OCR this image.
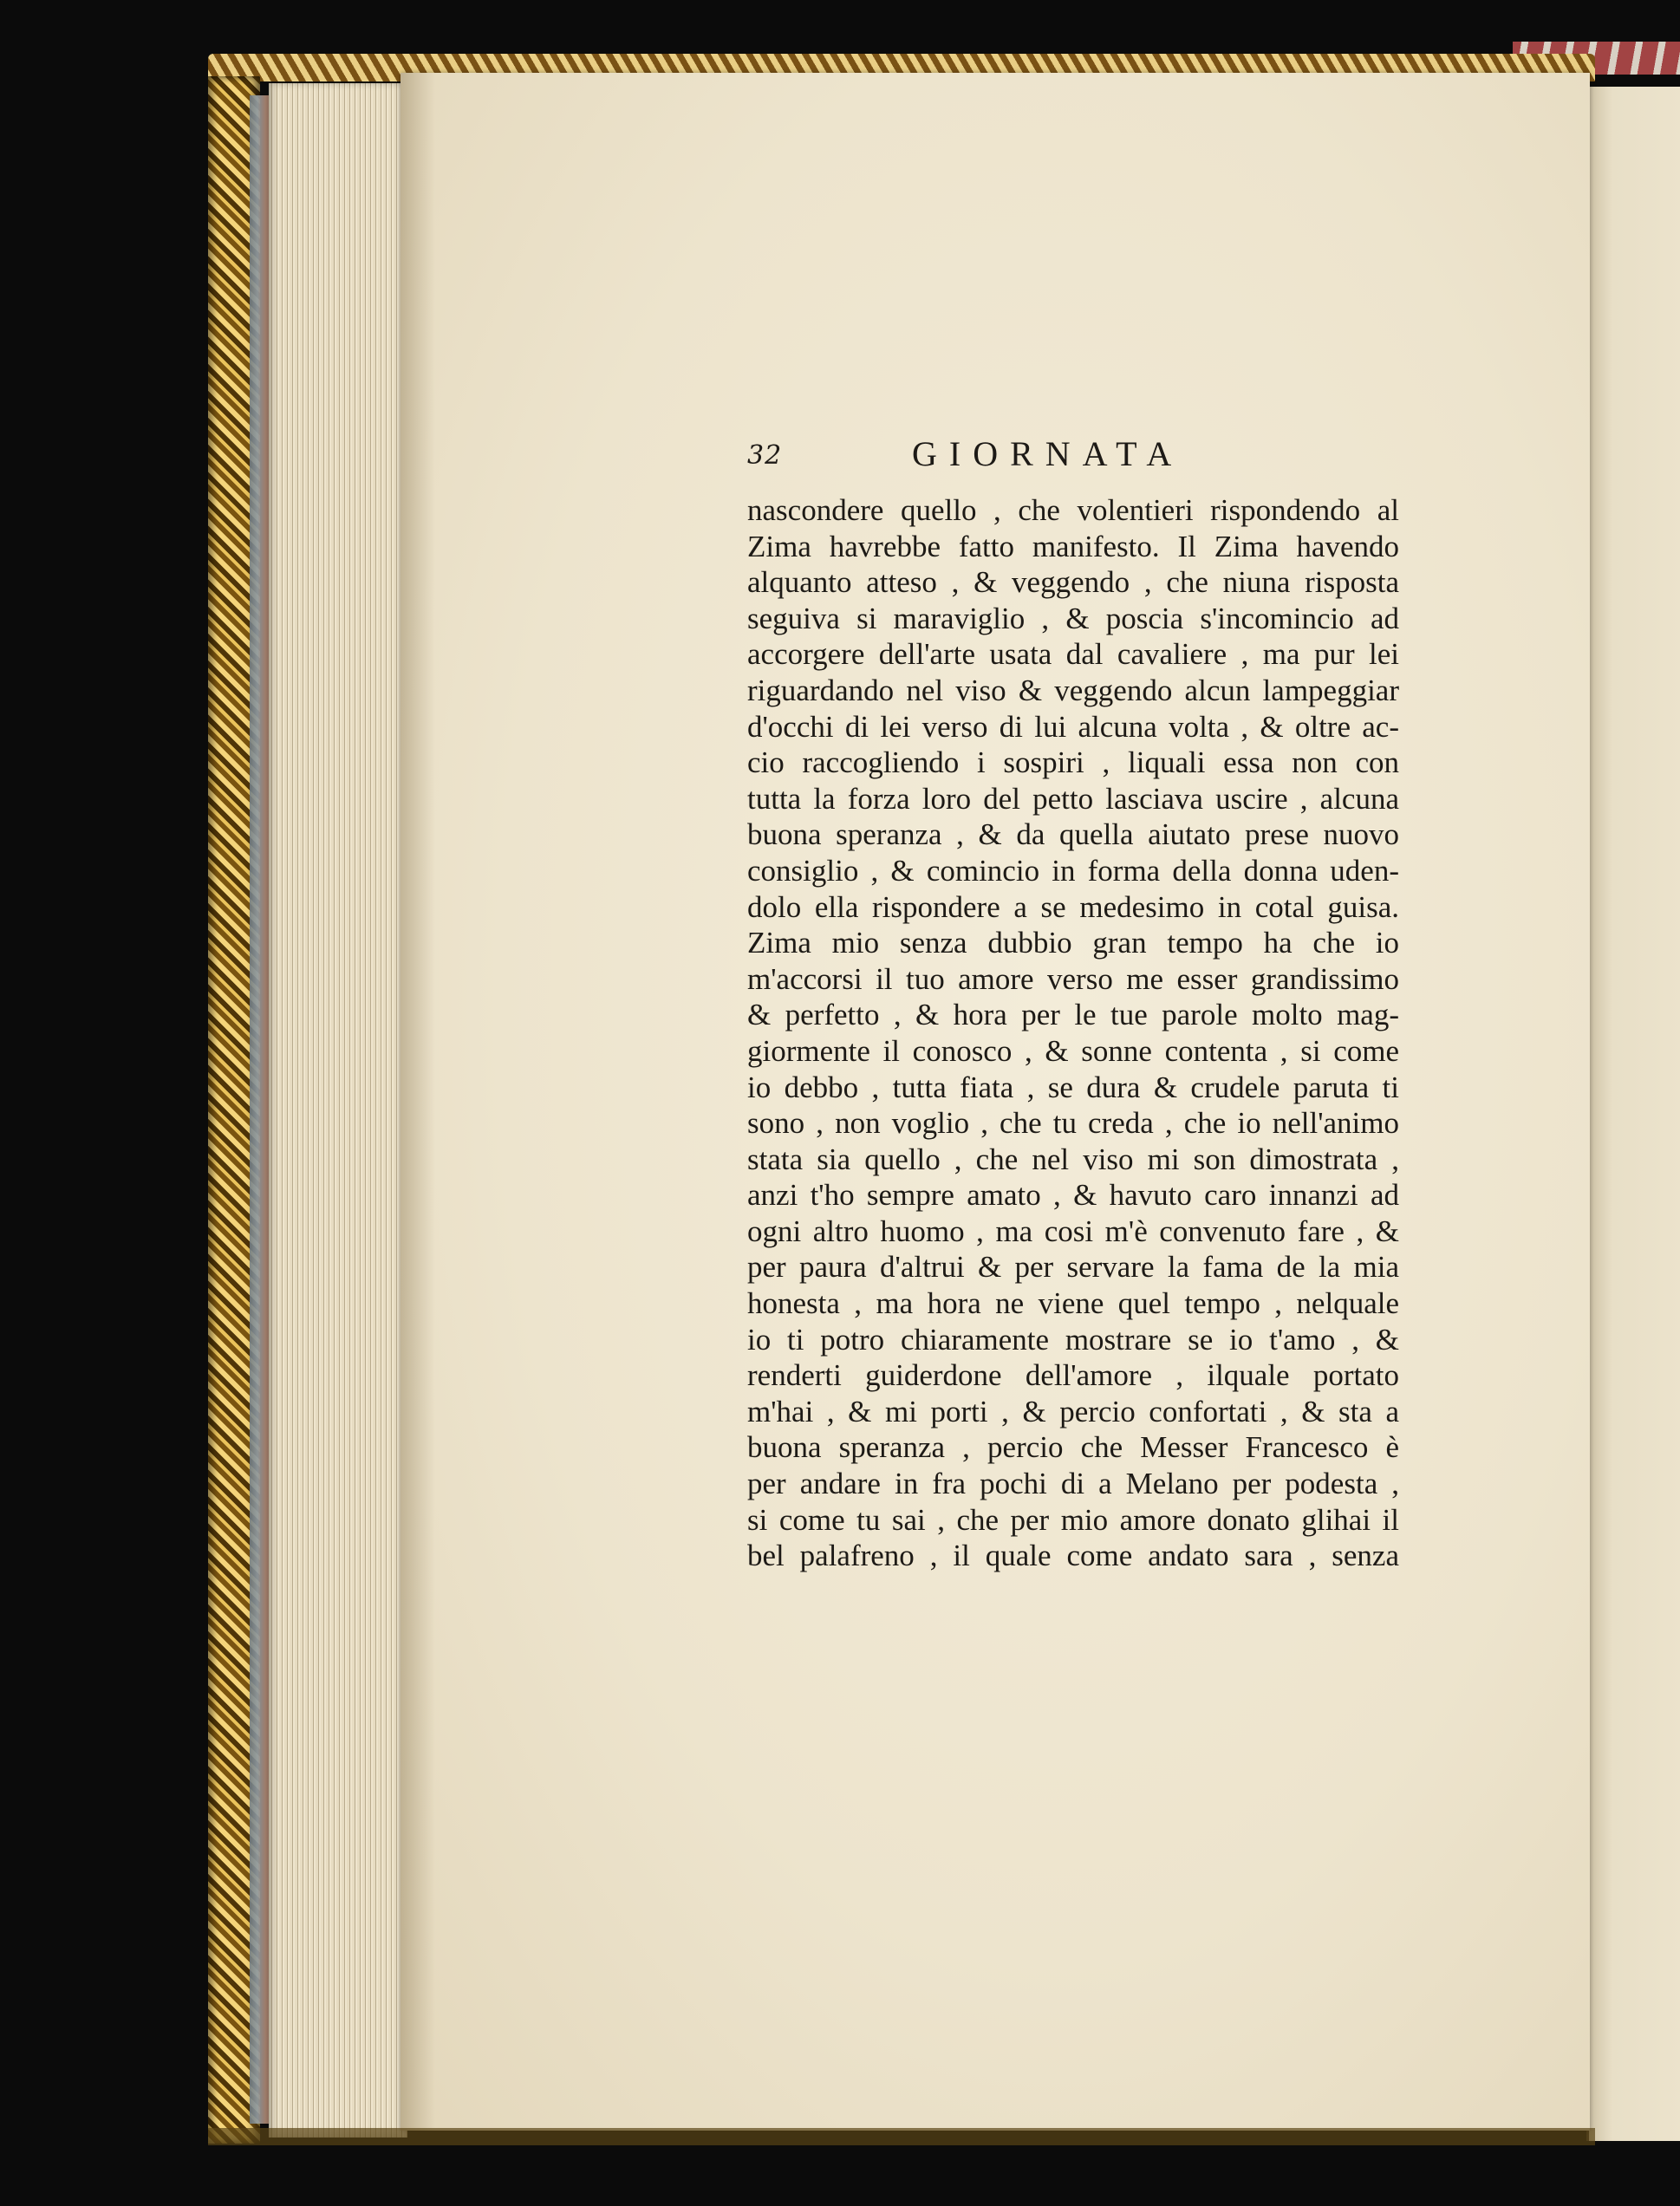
32	GIORNATA
nascondere quello , che volentieri rispondendo al
Zima havrebbe fatto manifesto. Il Zima havendo
alquanto atteso , & veggendo , che niuna risposta
seguiva si maraviglio , & poscia s'incomincio ad
accorgere dell'arte usata dal cavaliere , ma pur lei
riguardando nel viso & veggendo alcun lampeggiar
d'occhi di lei verso di lui alcuna volta , & oltre ac-
cio raccogliendo i sospiri , liquali essa non con
tutta la forza loro del petto lasciava uscire , alcuna
buona speranza , & da quella aiutato prese nuovo
consiglio , & comincio in forma della donna uden-
dolo ella rispondere a se medesimo in cotal guisa.
Zima mio senza dubbio gran tempo ha che io
m'accorsi il tuo amore verso me esser grandissimo
& perfetto , & hora per le tue parole molto mag-
giormente il conosco , & sonne contenta , si come
io debbo , tutta fiata , se dura & crudele paruta ti
sono , non voglio , che tu creda , che io nell'animo
stata sia quello , che nel viso mi son dimostrata ,
anzi t'ho sempre amato , & havuto caro innanzi ad
ogni altro huomo , ma cosi m'è convenuto fare , &
per paura d'altrui & per servare la fama de la mia
honesta , ma hora ne viene quel tempo , nelquale
io ti potro chiaramente mostrare se io t'amo , &
renderti guiderdone dell'amore , ilquale portato
m'hai , & mi porti , & percio confortati , & sta a
buona speranza , percio che Messer Francesco è
per andare in fra pochi di a Melano per podesta ,
si come tu sai , che per mio amore donato glihai il
bel palafreno , il quale come andato sara , senza
